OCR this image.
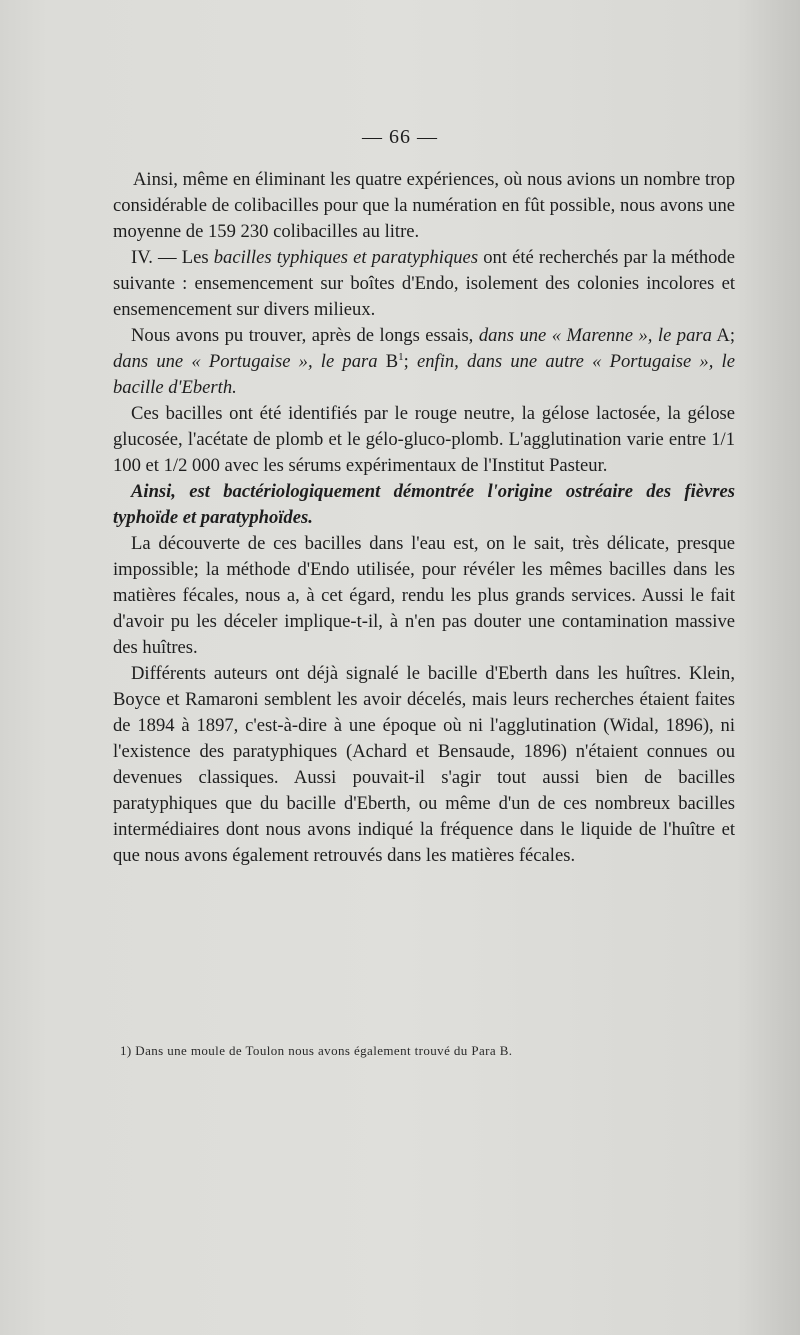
— 66 —

Ainsi, même en éliminant les quatre expériences, où nous avions un nombre trop considérable de colibacilles pour que la numération en fût possible, nous avons une moyenne de 159 230 colibacilles au litre.

IV. — Les bacilles typhiques et paratyphiques ont été recherchés par la méthode suivante : ensemencement sur boîtes d'Endo, isolement des colonies incolores et ensemencement sur divers milieux.

Nous avons pu trouver, après de longs essais, dans une « Marenne », le para A; dans une « Portugaise », le para $B^1$; enfin, dans une autre « Portugaise », le bacille d'Eberth.

Ces bacilles ont été identifiés par le rouge neutre, la gélose lactosée, la gélose glucosée, l'acétate de plomb et le gélo-gluco-plomb. L'agglutination varie entre 1/1 100 et 1/2 000 avec les sérums expérimentaux de l'Institut Pasteur.

Ainsi, est bactériologiquement démontrée l'origine ostréaire des fièvres typhoïde et paratyphoïdes.

La découverte de ces bacilles dans l'eau est, on le sait, très délicate, presque impossible; la méthode d'Endo utilisée, pour révéler les mêmes bacilles dans les matières fécales, nous a, à cet égard, rendu les plus grands services. Aussi le fait d'avoir pu les déceler implique-t-il, à n'en pas douter une contamination massive des huîtres.

Différents auteurs ont déjà signalé le bacille d'Eberth dans les huîtres. Klein, Boyce et Ramaroni semblent les avoir décelés, mais leurs recherches étaient faites de 1894 à 1897, c'est-à-dire à une époque où ni l'agglutination (Widal, 1896), ni l'existence des paratyphiques (Achard et Bensaude, 1896) n'étaient connues ou devenues classiques. Aussi pouvait-il s'agir tout aussi bien de bacilles paratyphiques que du bacille d'Eberth, ou même d'un de ces nombreux bacilles intermédiaires dont nous avons indiqué la fréquence dans le liquide de l'huître et que nous avons également retrouvés dans les matières fécales.

1) Dans une moule de Toulon nous avons également trouvé du Para B.
